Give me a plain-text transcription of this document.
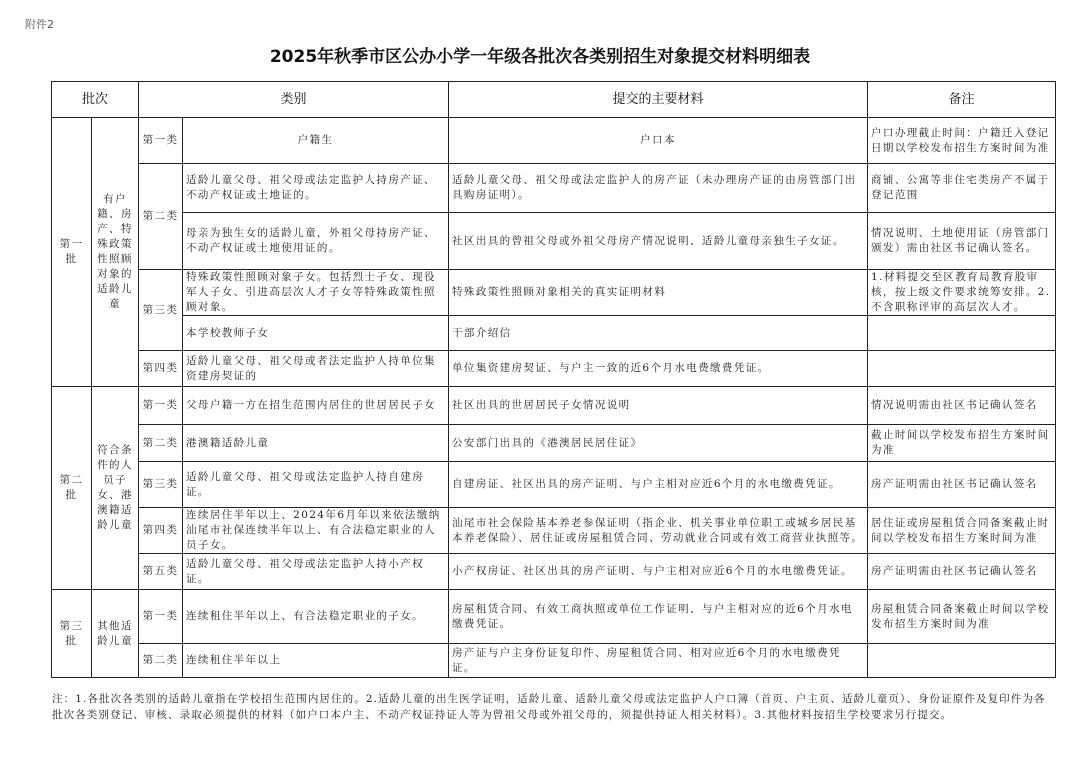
附件2
2025年秋季市区公办小学一年级各批次各类别招生对象提交材料明细表
批次		类别		提交的主要材料	备注
第一批	有户籍、房产、特殊政策性照顾对象的适龄儿童	第一类	户籍生	户口本	户口办理截止时间：户籍迁入登记日期以学校发布招生方案时间为准
		第二类	适龄儿童父母、祖父母或法定监护人持房产证、不动产权证或土地证的。	适龄儿童父母、祖父母或法定监护人的房产证（未办理房产证的由房管部门出具购房证明）。	商铺、公寓等非住宅类房产不属于登记范围
			母亲为独生女的适龄儿童，外祖父母持房产证、不动产权证或土地使用证的。	社区出具的曾祖父母或外祖父母房产情况说明、适龄儿童母亲独生子女证。	情况说明、土地使用证（房管部门颁发）需由社区书记确认签名。
		第三类	特殊政策性照顾对象子女。包括烈士子女、现役军人子女、引进高层次人才子女等特殊政策性照顾对象。	特殊政策性照顾对象相关的真实证明材料	1.材料提交至区教育局教育股审核，按上级文件要求统筹安排。2.不含职称评审的高层次人才。
			本学校教师子女	干部介绍信	
		第四类	适龄儿童父母、祖父母或者法定监护人持单位集资建房契证的	单位集资建房契证、与户主一致的近6个月水电费缴费凭证。	
第二批	符合条件的人员子女、港澳籍适龄儿童	第一类	父母户籍一方在招生范围内居住的世居居民子女	社区出具的世居居民子女情况说明	情况说明需由社区书记确认签名
		第二类	港澳籍适龄儿童	公安部门出具的《港澳居民居住证》	截止时间以学校发布招生方案时间为准
		第三类	适龄儿童父母、祖父母或法定监护人持自建房证。	自建房证、社区出具的房产证明、与户主相对应近6个月的水电缴费凭证。	房产证明需由社区书记确认签名
		第四类	连续居住半年以上、2024年6月年以来依法缴纳汕尾市社保连续半年以上、有合法稳定职业的人员子女。	汕尾市社会保险基本养老参保证明（指企业、机关事业单位职工或城乡居民基本养老保险）、居住证或房屋租赁合同、劳动就业合同或有效工商营业执照等。	居住证或房屋租赁合同备案截止时间以学校发布招生方案时间为准
		第五类	适龄儿童父母、祖父母或法定监护人持小产权证。	小产权房证、社区出具的房产证明、与户主相对应近6个月的水电缴费凭证。	房产证明需由社区书记确认签名
第三批	其他适龄儿童	第一类	连续租住半年以上、有合法稳定职业的子女。	房屋租赁合同、有效工商执照或单位工作证明、与户主相对应的近6个月水电缴费凭证。	房屋租赁合同备案截止时间以学校发布招生方案时间为准
		第二类	连续租住半年以上	房产证与户主身份证复印件、房屋租赁合同、相对应近6个月的水电缴费凭证。	
注：1.各批次各类别的适龄儿童指在学校招生范围内居住的。2.适龄儿童的出生医学证明，适龄儿童、适龄儿童父母或法定监护人户口簿（首页、户主页、适龄儿童页）、身份证原件及复印件为各批次各类别登记、审核、录取必须提供的材料（如户口本户主、不动产权证持证人等为曾祖父母或外祖父母的，须提供持证人相关材料）。3.其他材料按招生学校要求另行提交。
